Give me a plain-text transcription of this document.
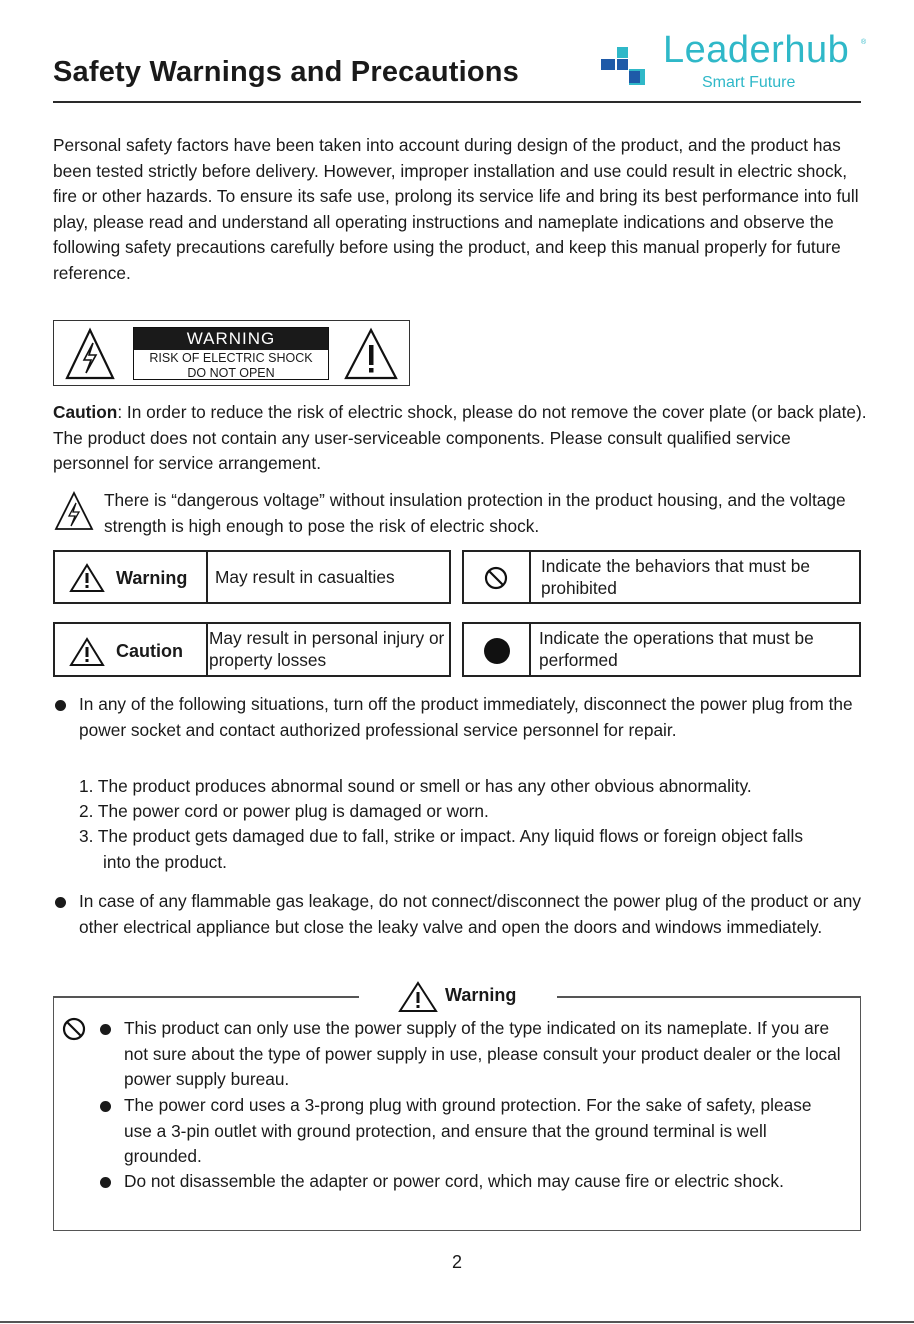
Safety Warnings and Precautions
Leaderhub ®
Smart Future
Personal safety factors have been taken into account during design of the product, and the product has been tested strictly before delivery. However, improper installation and use could result in electric shock, fire or other hazards. To ensure its safe use, prolong its service life and bring its best performance into full play, please read and understand all operating instructions and nameplate indications and observe the following safety precautions carefully before using the product, and keep this manual properly for future reference.
WARNING
RISK OF ELECTRIC SHOCK
DO NOT OPEN
Caution: In order to reduce the risk of electric shock, please do not remove the cover plate (or back plate). The product does not contain any user-serviceable components. Please consult qualified service personnel for service arrangement.
There is “dangerous voltage” without insulation protection in the product housing, and the voltage strength is high enough to pose the risk of electric shock.
Warning May result in casualties
Indicate the behaviors that must be prohibited
Caution
May result in personal injury or property losses
Indicate the operations that must be performed
In any of the following situations, turn off the product immediately, disconnect the power plug from the power socket and contact authorized professional service personnel for repair.
1. The product produces abnormal sound or smell or has any other obvious abnormality.
2. The power cord or power plug is damaged or worn.
3. The product gets damaged due to fall, strike or impact. Any liquid flows or foreign object falls into the product.
In case of any flammable gas leakage, do not connect/disconnect the power plug of the product or any other electrical appliance but close the leaky valve and open the doors and windows immediately.
Warning
This product can only use the power supply of the type indicated on its nameplate. If you are not sure about the type of power supply in use, please consult your product dealer or the local power supply bureau.
The power cord uses a 3-prong plug with ground protection. For the sake of safety, please use a 3-pin outlet with ground protection, and ensure that the ground terminal is well grounded.
Do not disassemble the adapter or power cord, which may cause fire or electric shock.
2
